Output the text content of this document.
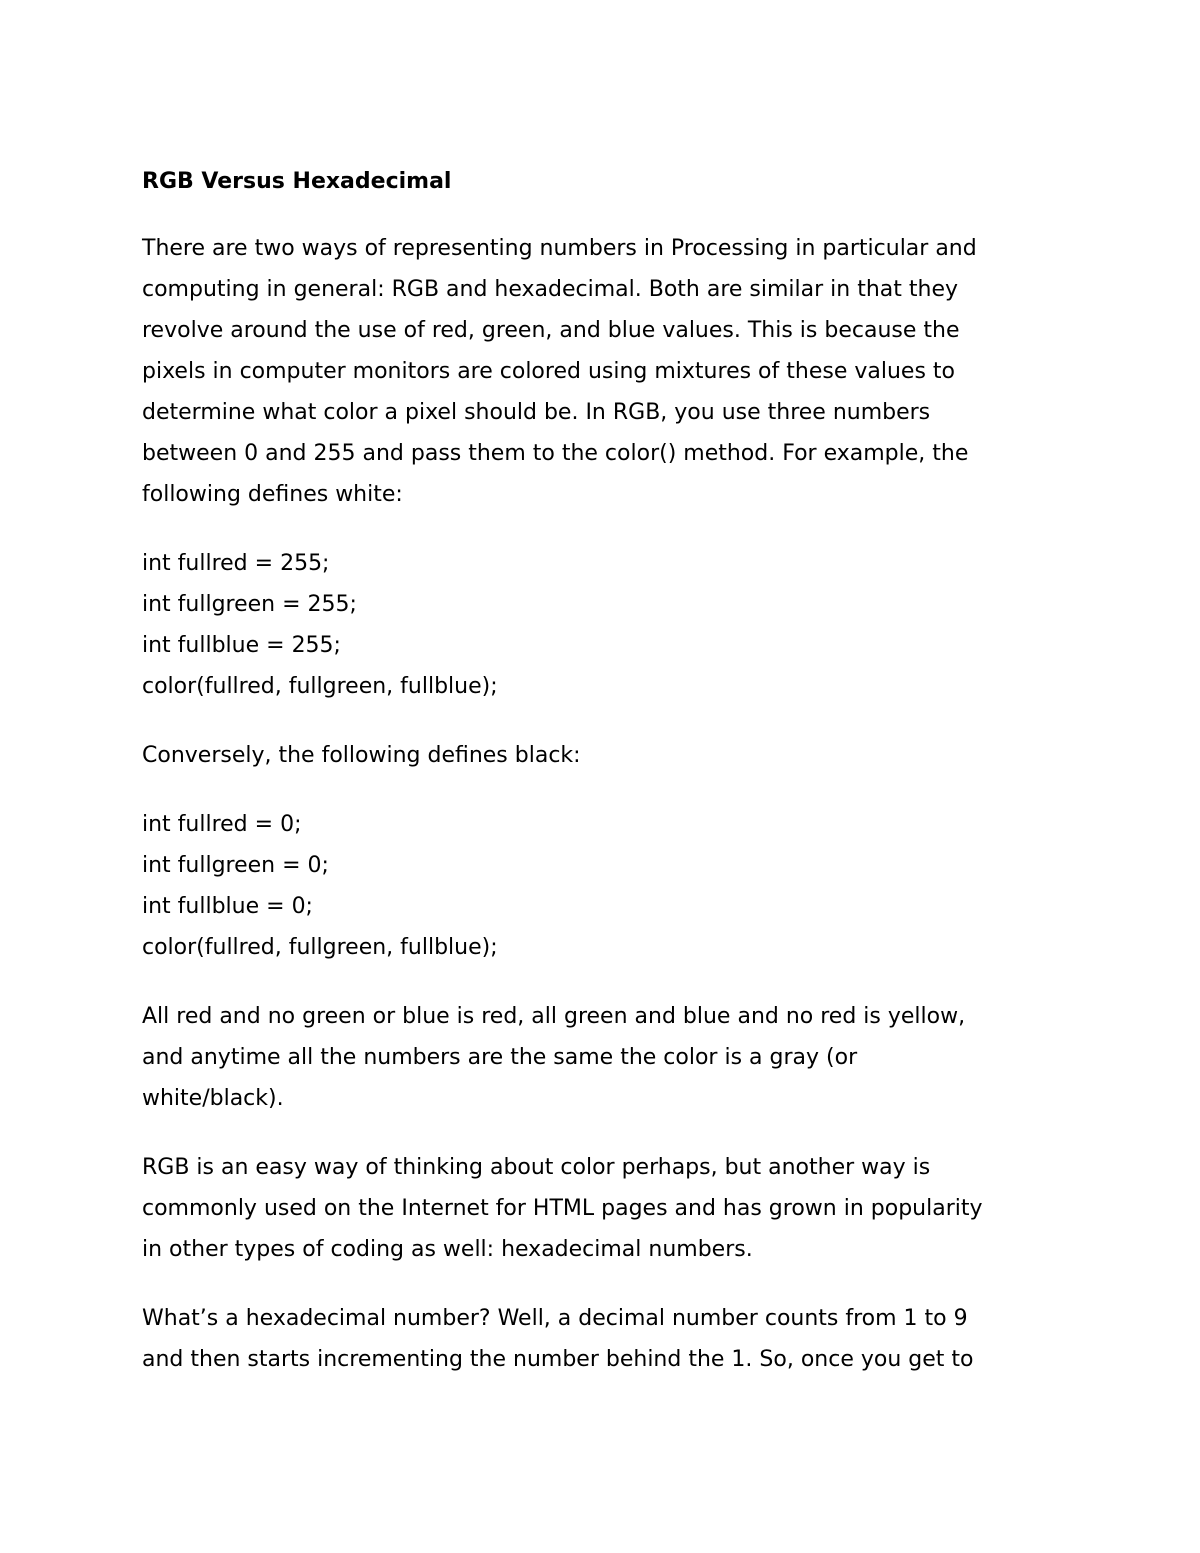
RGB Versus Hexadecimal
There are two ways of representing numbers in Processing in particular and
computing in general: RGB and hexadecimal. Both are similar in that they
revolve around the use of red, green, and blue values. This is because the
pixels in computer monitors are colored using mixtures of these values to
determine what color a pixel should be. In RGB, you use three numbers
between 0 and 255 and pass them to the color() method. For example, the
following defines white:
int fullred = 255;
int fullgreen = 255;
int fullblue = 255;
color(fullred, fullgreen, fullblue);
Conversely, the following defines black:
int fullred = 0;
int fullgreen = 0;
int fullblue = 0;
color(fullred, fullgreen, fullblue);
All red and no green or blue is red, all green and blue and no red is yellow,
and anytime all the numbers are the same the color is a gray (or
white/black).
RGB is an easy way of thinking about color perhaps, but another way is
commonly used on the Internet for HTML pages and has grown in popularity
in other types of coding as well: hexadecimal numbers.
What’s a hexadecimal number? Well, a decimal number counts from 1 to 9
and then starts incrementing the number behind the 1. So, once you get to
